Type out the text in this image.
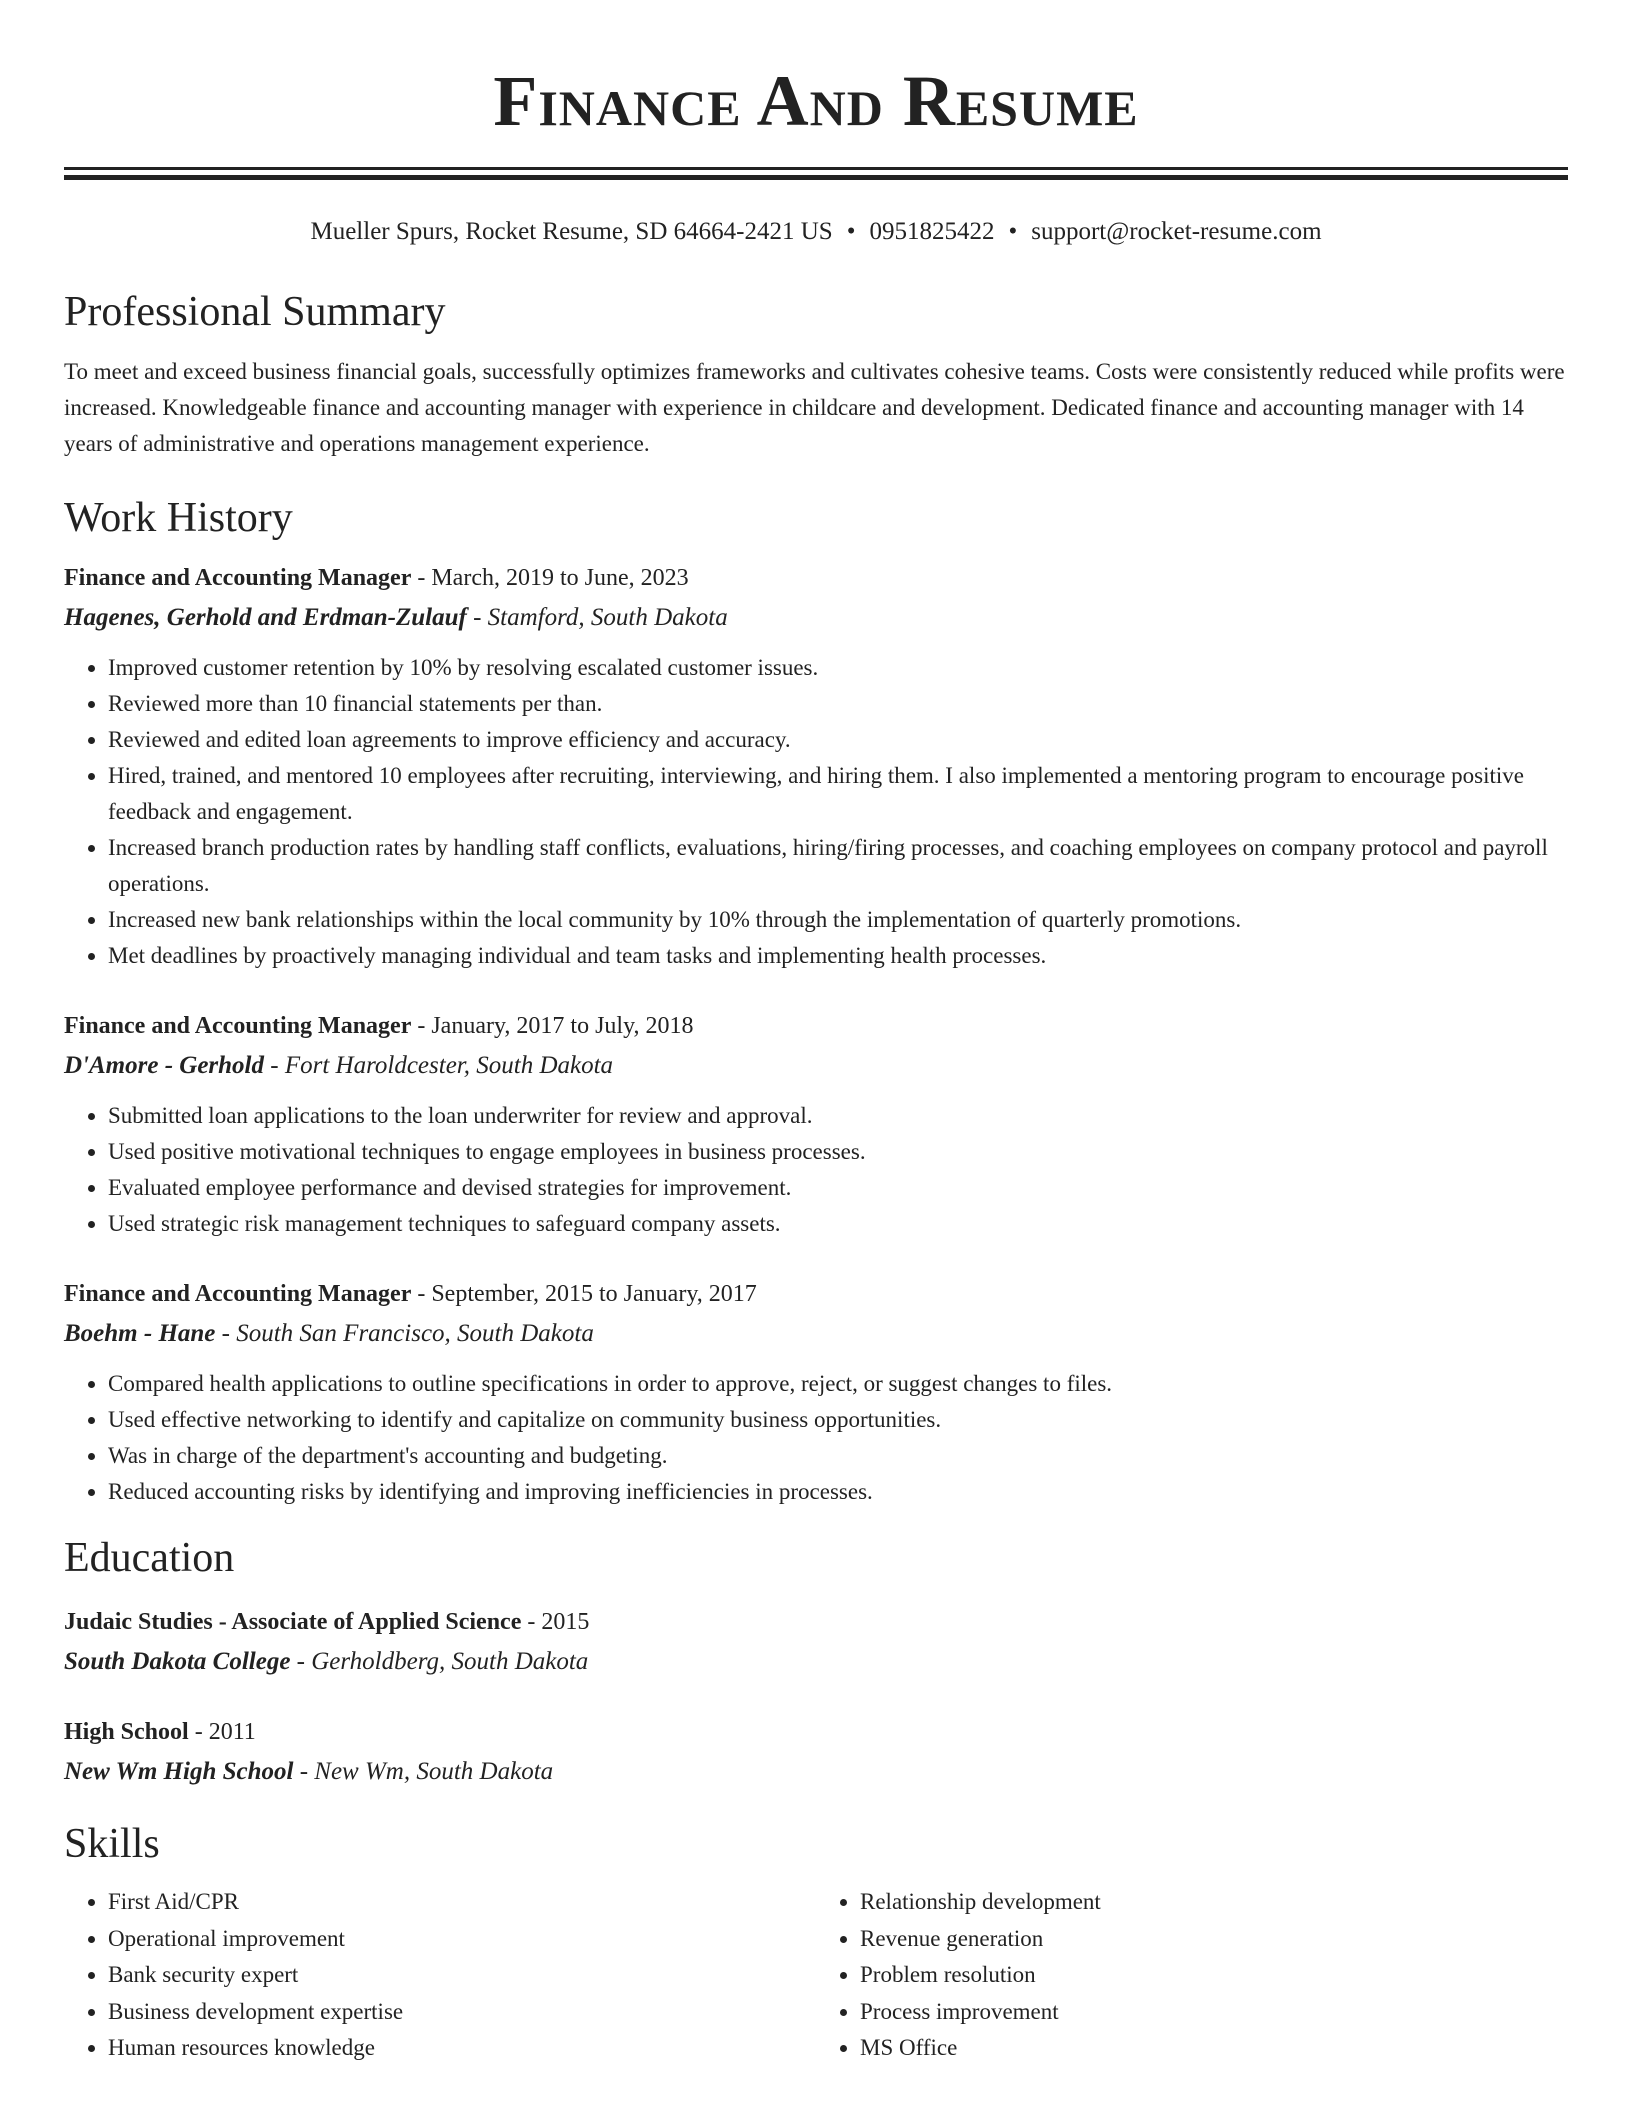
Finance And Resume
Mueller Spurs, Rocket Resume, SD 64664-2421 US • 0951825422 • support@rocket-resume.com
Professional Summary

To meet and exceed business financial goals, successfully optimizes frameworks and cultivates cohesive teams. Costs were consistently reduced while profits were increased. Knowledgeable finance and accounting manager with experience in childcare and development. Dedicated finance and accounting manager with 14 years of administrative and operations management experience.

Work History
Finance and Accounting Manager - March, 2019 to June, 2023
Hagenes, Gerhold and Erdman-Zulauf - Stamford, South Dakota
• Improved customer retention by 10% by resolving escalated customer issues.
• Reviewed more than 10 financial statements per than.
• Reviewed and edited loan agreements to improve efficiency and accuracy.
• Hired, trained, and mentored 10 employees after recruiting, interviewing, and hiring them. I also implemented a mentoring program to encourage positive feedback and engagement.
• Increased branch production rates by handling staff conflicts, evaluations, hiring/firing processes, and coaching employees on company protocol and payroll operations.
• Increased new bank relationships within the local community by 10% through the implementation of quarterly promotions.
• Met deadlines by proactively managing individual and team tasks and implementing health processes.
Finance and Accounting Manager - January, 2017 to July, 2018
D'Amore - Gerhold - Fort Haroldcester, South Dakota
• Submitted loan applications to the loan underwriter for review and approval.
• Used positive motivational techniques to engage employees in business processes.
• Evaluated employee performance and devised strategies for improvement.
• Used strategic risk management techniques to safeguard company assets.
Finance and Accounting Manager - September, 2015 to January, 2017
Boehm - Hane - South San Francisco, South Dakota
• Compared health applications to outline specifications in order to approve, reject, or suggest changes to files.
• Used effective networking to identify and capitalize on community business opportunities.
• Was in charge of the department's accounting and budgeting.
• Reduced accounting risks by identifying and improving inefficiencies in processes.
Education
Judaic Studies - Associate of Applied Science - 2015
South Dakota College - Gerholdberg, South Dakota
High School - 2011
New Wm High School - New Wm, South Dakota
Skills
• First Aid/CPR
• Operational improvement
• Bank security expert
• Business development expertise
• Human resources knowledge
• Relationship development
• Revenue generation
• Problem resolution
• Process improvement
• MS Office
